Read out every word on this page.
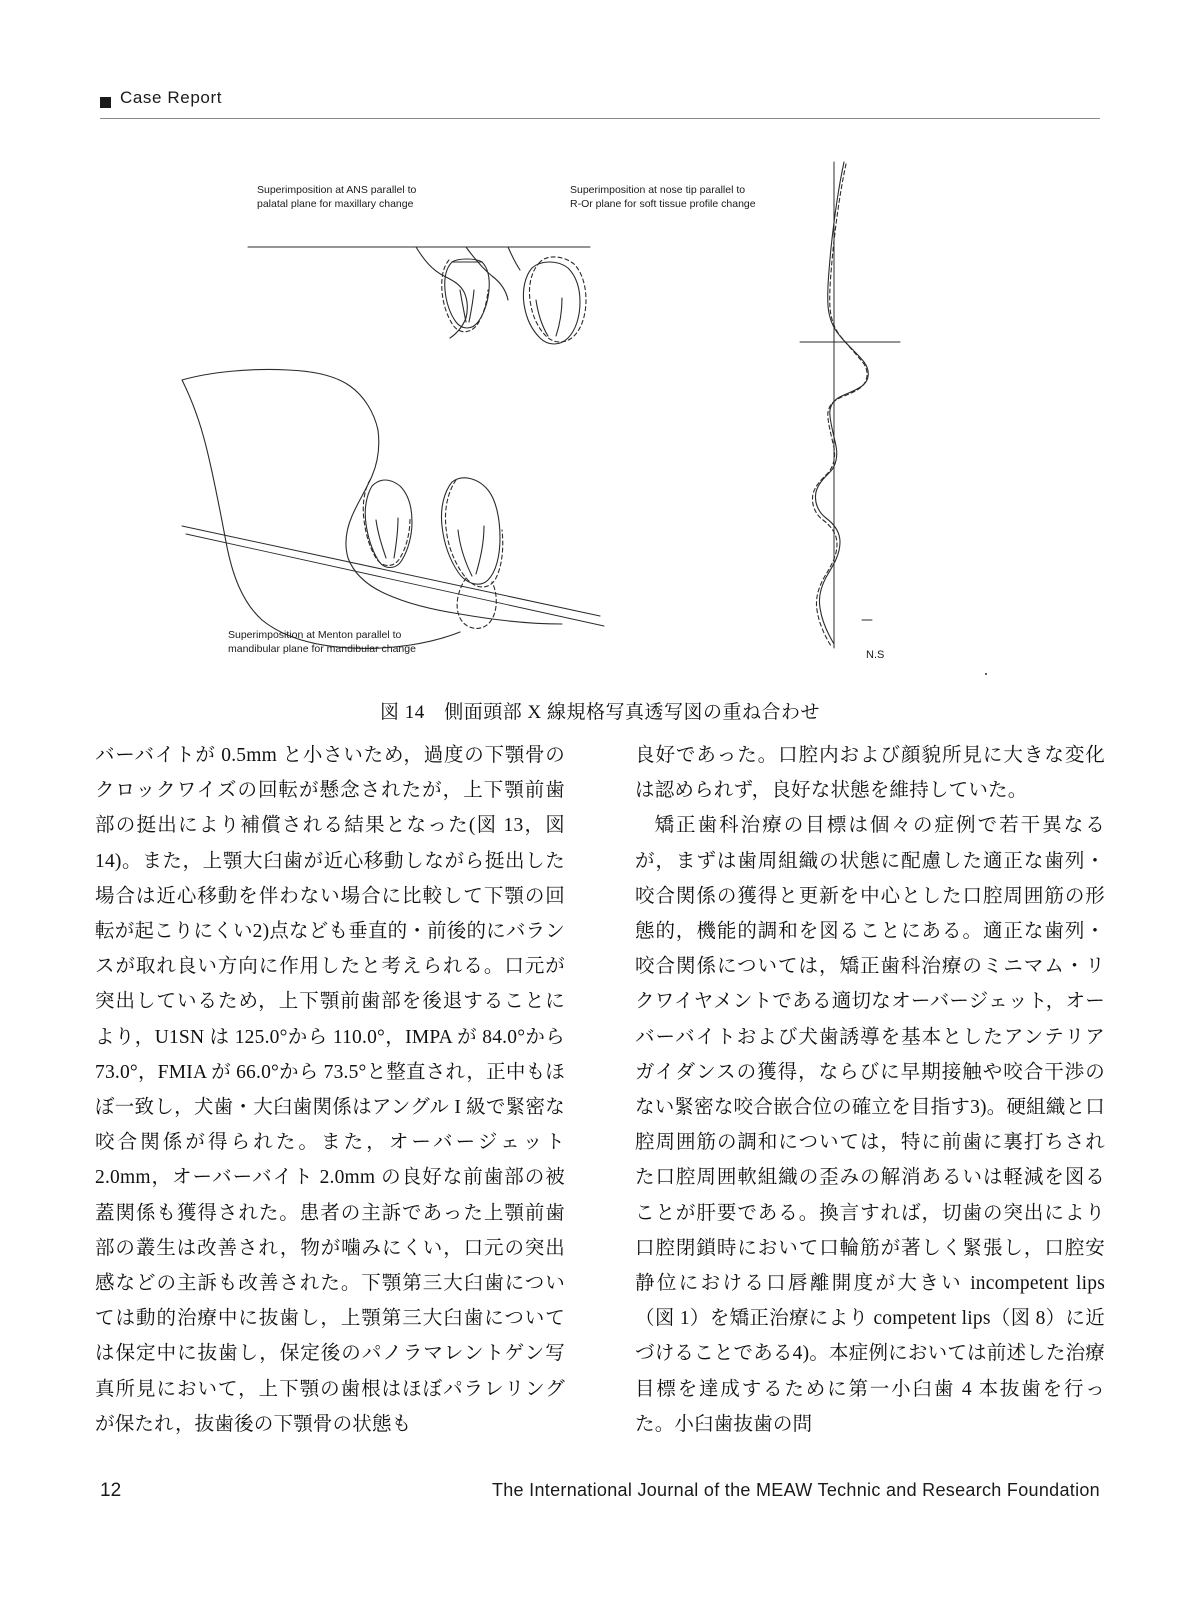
Case Report
Superimposition at ANS parallel to
palatal plane for maxillary change
Superimposition at nose tip parallel to
R-Or plane for soft tissue profile change
Superimposition at Menton parallel to
mandibular plane for mandibular change	N.S
図 14　側面頭部 X 線規格写真透写図の重ね合わせ

バーバイトが 0.5mm と小さいため，過度の下顎骨のクロックワイズの回転が懸念されたが，上下顎前歯部の挺出により補償される結果となった(図 13，図 14)。また，上顎大臼歯が近心移動しながら挺出した場合は近心移動を伴わない場合に比較して下顎の回転が起こりにくい2)点なども垂直的・前後的にバランスが取れ良い方向に作用したと考えられる。口元が突出しているため，上下顎前歯部を後退することにより，U1SN は 125.0°から 110.0°，IMPA が 84.0°から 73.0°，FMIA が 66.0°から 73.5°と整直され，正中もほぼ一致し，犬歯・大臼歯関係はアングル I 級で緊密な咬合関係が得られた。また，オーバージェット 2.0mm，オーバーバイト 2.0mm の良好な前歯部の被蓋関係も獲得された。患者の主訴であった上顎前歯部の叢生は改善され，物が噛みにくい，口元の突出感などの主訴も改善された。下顎第三大臼歯については動的治療中に抜歯し，上顎第三大臼歯については保定中に抜歯し，保定後のパノラマレントゲン写真所見において，上下顎の歯根はほぼパラレリングが保たれ，抜歯後の下顎骨の状態も

良好であった。口腔内および顔貌所見に大きな変化は認められず，良好な状態を維持していた。

矯正歯科治療の目標は個々の症例で若干異なるが，まずは歯周組織の状態に配慮した適正な歯列・咬合関係の獲得と更新を中心とした口腔周囲筋の形態的，機能的調和を図ることにある。適正な歯列・咬合関係については，矯正歯科治療のミニマム・リクワイヤメントである適切なオーバージェット，オーバーバイトおよび犬歯誘導を基本としたアンテリアガイダンスの獲得，ならびに早期接触や咬合干渉のない緊密な咬合嵌合位の確立を目指す3)。硬組織と口腔周囲筋の調和については，特に前歯に裏打ちされた口腔周囲軟組織の歪みの解消あるいは軽減を図ることが肝要である。換言すれば，切歯の突出により口腔閉鎖時において口輪筋が著しく緊張し，口腔安静位における口唇離開度が大きい incompetent lips（図 1）を矯正治療により competent lips（図 8）に近づけることである4)。本症例においては前述した治療目標を達成するために第一小臼歯 4 本抜歯を行った。小臼歯抜歯の問

12	The International Journal of the MEAW Technic and Research Foundation
